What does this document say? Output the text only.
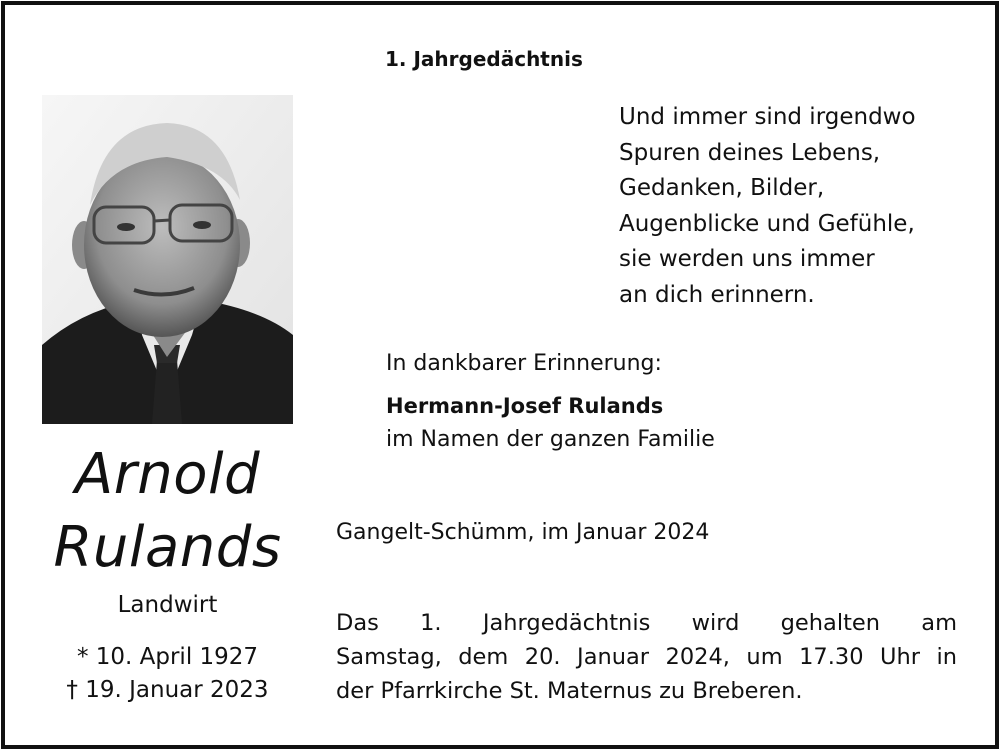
1. Jahrgedächtnis
Und immer sind irgendwo
Spuren deines Lebens,
Gedanken, Bilder,
Augenblicke und Gefühle,
sie werden uns immer
an dich erinnern.
In dankbarer Erinnerung:
Hermann-Josef Rulands
im Namen der ganzen Familie
Arnold
Rulands
Landwirt
* 10. April 1927
† 19. Januar 2023
Gangelt-Schümm, im Januar 2024
Das 1. Jahrgedächtnis wird gehalten am
Samstag, dem 20. Januar 2024, um 17.30 Uhr in
der Pfarrkirche St. Maternus zu Breberen.
